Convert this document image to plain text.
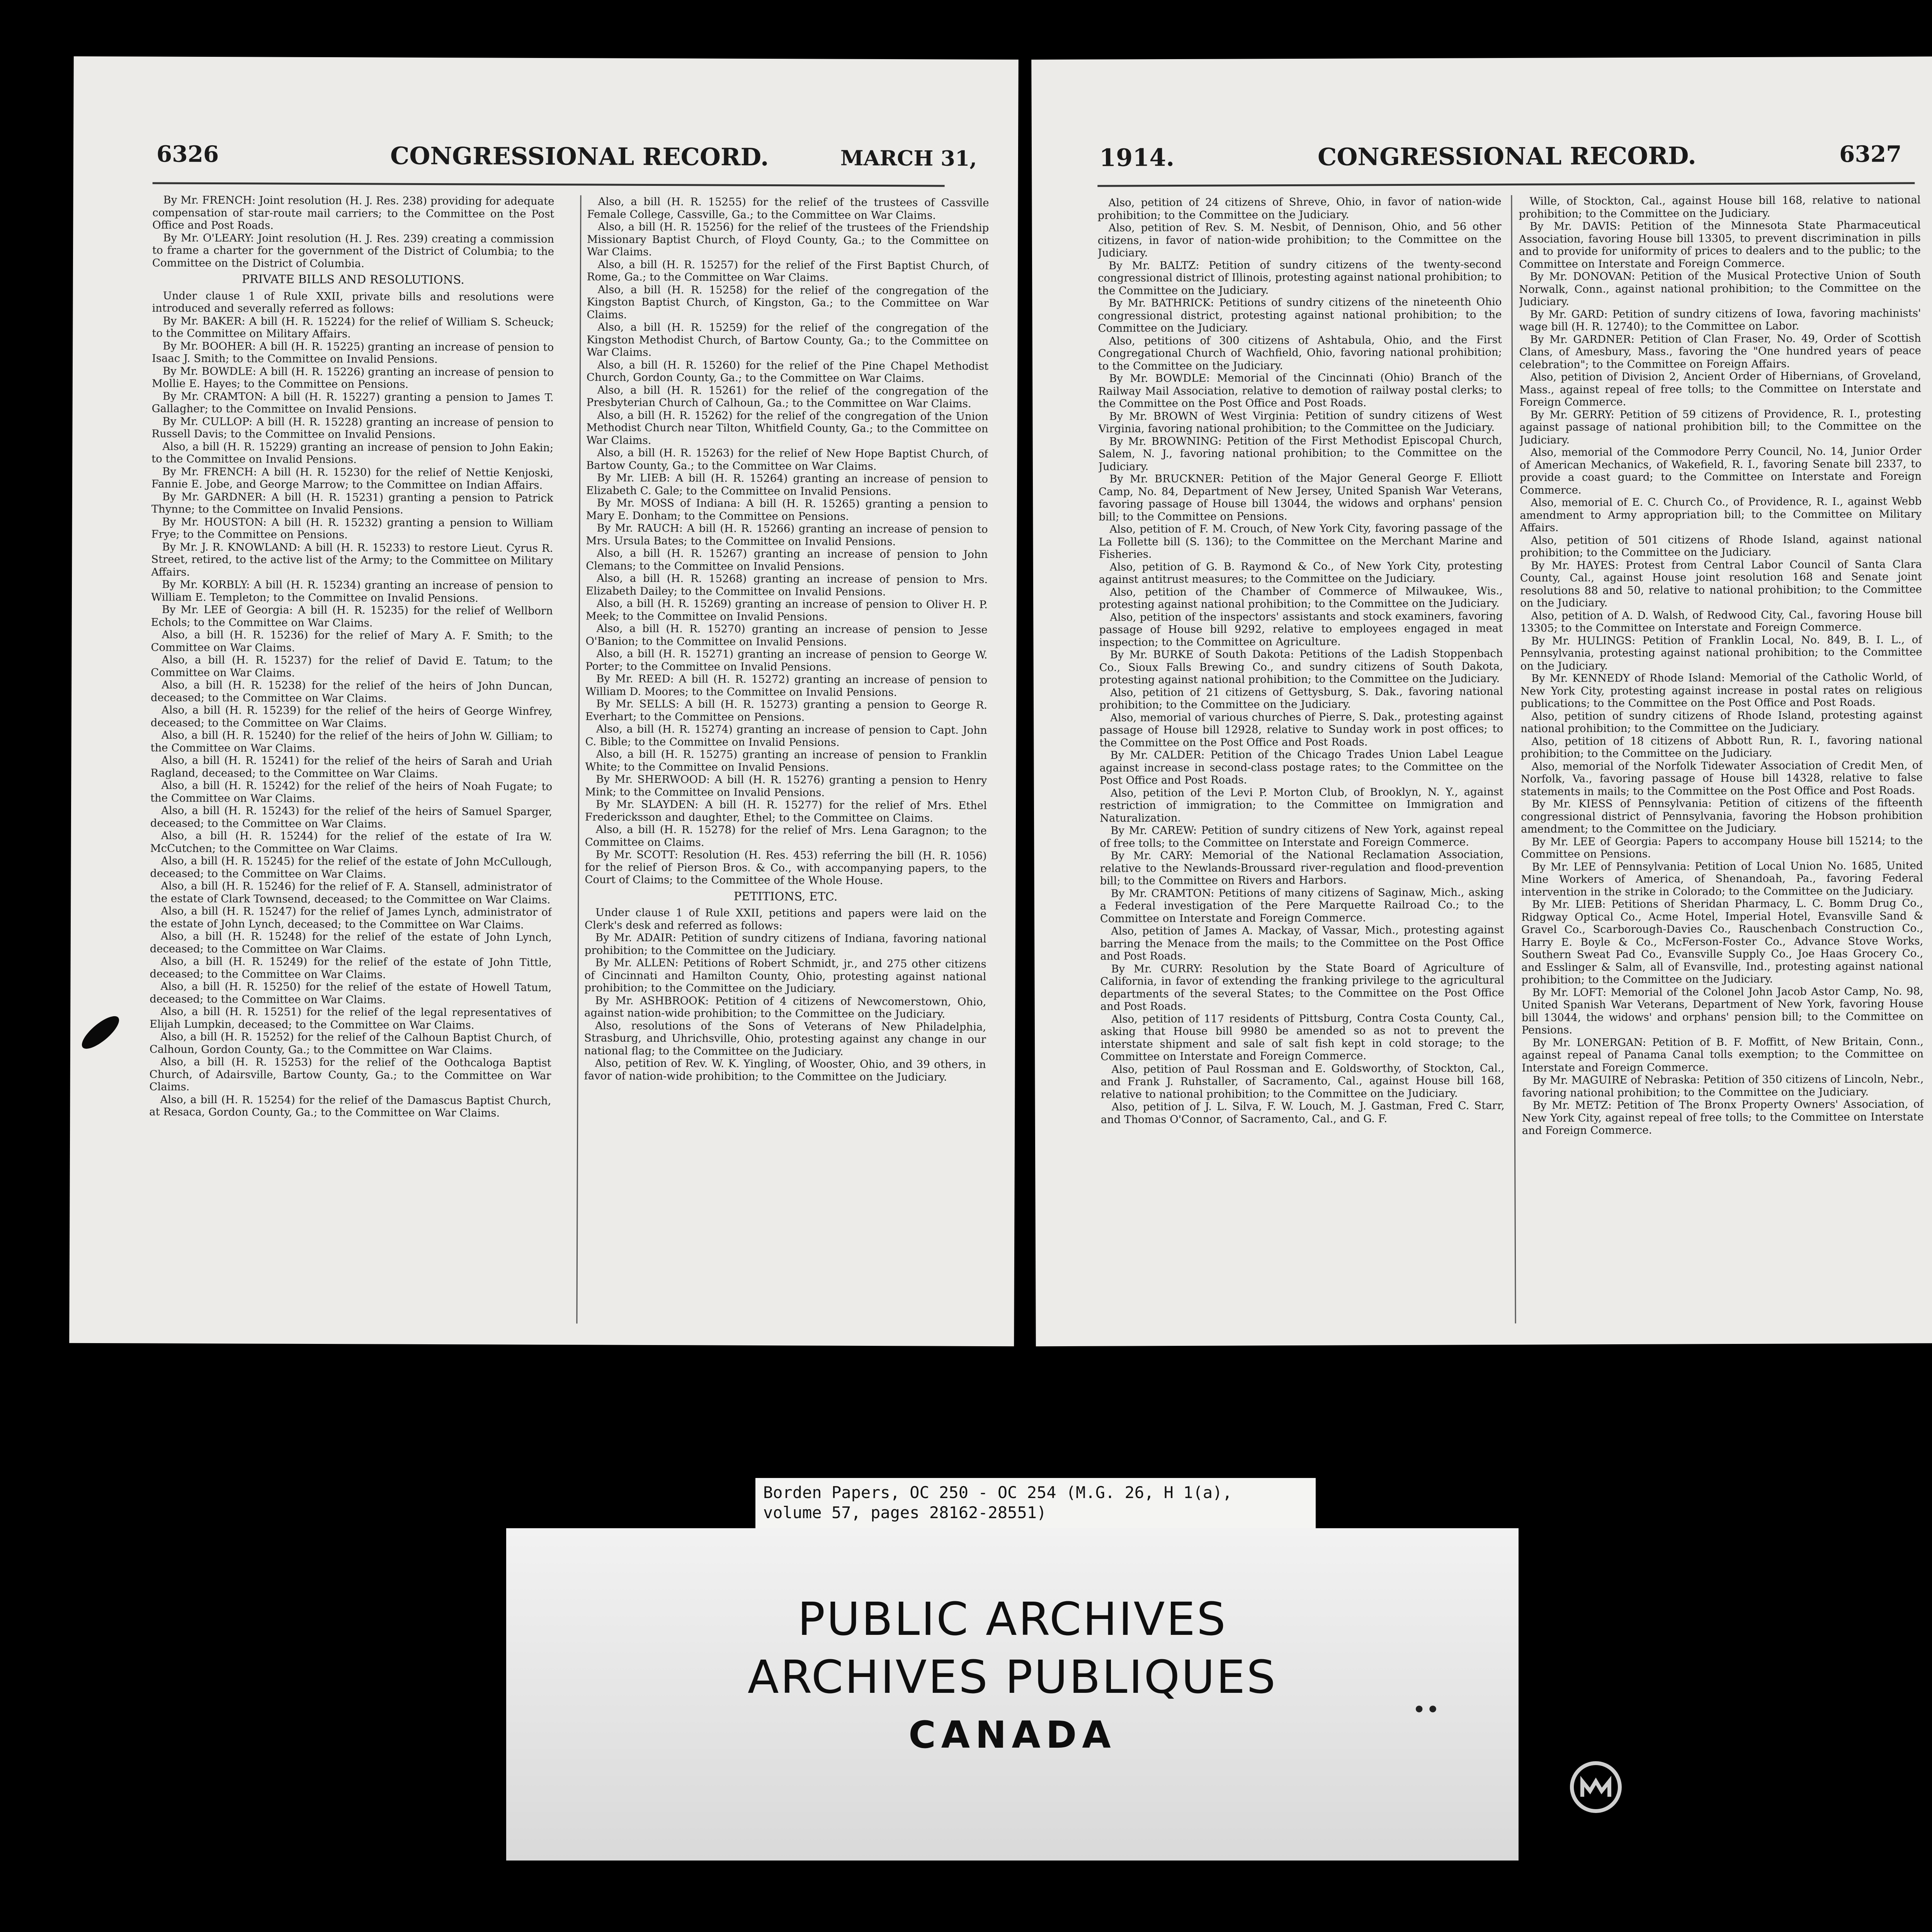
6326	CONGRESSIONAL RECORD.	MARCH 31,

By Mr. FRENCH: Joint resolution (H. J. Res. 238) providing for adequate compensation of star-route mail carriers; to the Committee on the Post Office and Post Roads.

By Mr. O'LEARY: Joint resolution (H. J. Res. 239) creating a commission to frame a charter for the government of the District of Columbia; to the Committee on the District of Columbia.

PRIVATE BILLS AND RESOLUTIONS.

Under clause 1 of Rule XXII, private bills and resolutions were introduced and severally referred as follows:

By Mr. BAKER: A bill (H. R. 15224) for the relief of William S. Scheuck; to the Committee on Military Affairs.

By Mr. BOOHER: A bill (H. R. 15225) granting an increase of pension to Isaac J. Smith; to the Committee on Invalid Pensions.

By Mr. BOWDLE: A bill (H. R. 15226) granting an increase of pension to Mollie E. Hayes; to the Committee on Pensions.

By Mr. CRAMTON: A bill (H. R. 15227) granting a pension to James T. Gallagher; to the Committee on Invalid Pensions.

By Mr. CULLOP: A bill (H. R. 15228) granting an increase of pension to Russell Davis; to the Committee on Invalid Pensions.

Also, a bill (H. R. 15229) granting an increase of pension to John Eakin; to the Committee on Invalid Pensions.

By Mr. FRENCH: A bill (H. R. 15230) for the relief of Nettie Kenjoski, Fannie E. Jobe, and George Marrow; to the Committee on Indian Affairs.

By Mr. GARDNER: A bill (H. R. 15231) granting a pension to Patrick Thynne; to the Committee on Invalid Pensions.

By Mr. HOUSTON: A bill (H. R. 15232) granting a pension to William Frye; to the Committee on Pensions.

By Mr. J. R. KNOWLAND: A bill (H. R. 15233) to restore Lieut. Cyrus R. Street, retired, to the active list of the Army; to the Committee on Military Affairs.

By Mr. KORBLY: A bill (H. R. 15234) granting an increase of pension to William E. Templeton; to the Committee on Invalid Pensions.

By Mr. LEE of Georgia: A bill (H. R. 15235) for the relief of Wellborn Echols; to the Committee on War Claims.

Also, a bill (H. R. 15236) for the relief of Mary A. F. Smith; to the Committee on War Claims.

Also, a bill (H. R. 15237) for the relief of David E. Tatum; to the Committee on War Claims.

Also, a bill (H. R. 15238) for the relief of the heirs of John Duncan, deceased; to the Committee on War Claims.

Also, a bill (H. R. 15239) for the relief of the heirs of George Winfrey, deceased; to the Committee on War Claims.

Also, a bill (H. R. 15240) for the relief of the heirs of John W. Gilliam; to the Committee on War Claims.

Also, a bill (H. R. 15241) for the relief of the heirs of Sarah and Uriah Ragland, deceased; to the Committee on War Claims.

Also, a bill (H. R. 15242) for the relief of the heirs of Noah Fugate; to the Committee on War Claims.

Also, a bill (H. R. 15243) for the relief of the heirs of Samuel Sparger, deceased; to the Committee on War Claims.

Also, a bill (H. R. 15244) for the relief of the estate of Ira W. McCutchen; to the Committee on War Claims.

Also, a bill (H. R. 15245) for the relief of the estate of John McCullough, deceased; to the Committee on War Claims.

Also, a bill (H. R. 15246) for the relief of F. A. Stansell, administrator of the estate of Clark Townsend, deceased; to the Committee on War Claims.

Also, a bill (H. R. 15247) for the relief of James Lynch, administrator of the estate of John Lynch, deceased; to the Committee on War Claims.

Also, a bill (H. R. 15248) for the relief of the estate of John Lynch, deceased; to the Committee on War Claims.

Also, a bill (H. R. 15249) for the relief of the estate of John Tittle, deceased; to the Committee on War Claims.

Also, a bill (H. R. 15250) for the relief of the estate of Howell Tatum, deceased; to the Committee on War Claims.

Also, a bill (H. R. 15251) for the relief of the legal representatives of Elijah Lumpkin, deceased; to the Committee on War Claims.

Also, a bill (H. R. 15252) for the relief of the Calhoun Baptist Church, of Calhoun, Gordon County, Ga.; to the Committee on War Claims.

Also, a bill (H. R. 15253) for the relief of the Oothcaloga Baptist Church, of Adairsville, Bartow County, Ga.; to the Committee on War Claims.

Also, a bill (H. R. 15254) for the relief of the Damascus Baptist Church, at Resaca, Gordon County, Ga.; to the Committee on War Claims.

Also, a bill (H. R. 15255) for the relief of the trustees of Cassville Female College, Cassville, Ga.; to the Committee on War Claims.

Also, a bill (H. R. 15256) for the relief of the trustees of the Friendship Missionary Baptist Church, of Floyd County, Ga.; to the Committee on War Claims.

Also, a bill (H. R. 15257) for the relief of the First Baptist Church, of Rome, Ga.; to the Committee on War Claims.

Also, a bill (H. R. 15258) for the relief of the congregation of the Kingston Baptist Church, of Kingston, Ga.; to the Committee on War Claims.

Also, a bill (H. R. 15259) for the relief of the congregation of the Kingston Methodist Church, of Bartow County, Ga.; to the Committee on War Claims.

Also, a bill (H. R. 15260) for the relief of the Pine Chapel Methodist Church, Gordon County, Ga.; to the Committee on War Claims.

Also, a bill (H. R. 15261) for the relief of the congregation of the Presbyterian Church of Calhoun, Ga.; to the Committee on War Claims.

Also, a bill (H. R. 15262) for the relief of the congregation of the Union Methodist Church near Tilton, Whitfield County, Ga.; to the Committee on War Claims.

Also, a bill (H. R. 15263) for the relief of New Hope Baptist Church, of Bartow County, Ga.; to the Committee on War Claims.

By Mr. LIEB: A bill (H. R. 15264) granting an increase of pension to Elizabeth C. Gale; to the Committee on Invalid Pensions.

By Mr. MOSS of Indiana: A bill (H. R. 15265) granting a pension to Mary E. Donham; to the Committee on Pensions.

By Mr. RAUCH: A bill (H. R. 15266) granting an increase of pension to Mrs. Ursula Bates; to the Committee on Invalid Pensions.

Also, a bill (H. R. 15267) granting an increase of pension to John Clemans; to the Committee on Invalid Pensions.

Also, a bill (H. R. 15268) granting an increase of pension to Mrs. Elizabeth Dailey; to the Committee on Invalid Pensions.

Also, a bill (H. R. 15269) granting an increase of pension to Oliver H. P. Meek; to the Committee on Invalid Pensions.

Also, a bill (H. R. 15270) granting an increase of pension to Jesse O'Banion; to the Committee on Invalid Pensions.

Also, a bill (H. R. 15271) granting an increase of pension to George W. Porter; to the Committee on Invalid Pensions.

By Mr. REED: A bill (H. R. 15272) granting an increase of pension to William D. Moores; to the Committee on Invalid Pensions.

By Mr. SELLS: A bill (H. R. 15273) granting a pension to George R. Everhart; to the Committee on Pensions.

Also, a bill (H. R. 15274) granting an increase of pension to Capt. John C. Bible; to the Committee on Invalid Pensions.

Also, a bill (H. R. 15275) granting an increase of pension to Franklin White; to the Committee on Invalid Pensions.

By Mr. SHERWOOD: A bill (H. R. 15276) granting a pension to Henry Mink; to the Committee on Invalid Pensions.

By Mr. SLAYDEN: A bill (H. R. 15277) for the relief of Mrs. Ethel Fredericksson and daughter, Ethel; to the Committee on Claims.

Also, a bill (H. R. 15278) for the relief of Mrs. Lena Garagnon; to the Committee on Claims.

By Mr. SCOTT: Resolution (H. Res. 453) referring the bill (H. R. 1056) for the relief of Pierson Bros. & Co., with accompanying papers, to the Court of Claims; to the Committee of the Whole House.

PETITIONS, ETC.

Under clause 1 of Rule XXII, petitions and papers were laid on the Clerk's desk and referred as follows:

By Mr. ADAIR: Petition of sundry citizens of Indiana, favoring national prohibition; to the Committee on the Judiciary.

By Mr. ALLEN: Petitions of Robert Schmidt, jr., and 275 other citizens of Cincinnati and Hamilton County, Ohio, protesting against national prohibition; to the Committee on the Judiciary.

By Mr. ASHBROOK: Petition of 4 citizens of Newcomerstown, Ohio, against nation-wide prohibition; to the Committee on the Judiciary.

Also, resolutions of the Sons of Veterans of New Philadelphia, Strasburg, and Uhrichsville, Ohio, protesting against any change in our national flag; to the Committee on the Judiciary.

Also, petition of Rev. W. K. Yingling, of Wooster, Ohio, and 39 others, in favor of nation-wide prohibition; to the Committee on the Judiciary.

1914.	CONGRESSIONAL RECORD.	6327

Also, petition of 24 citizens of Shreve, Ohio, in favor of nation-wide prohibition; to the Committee on the Judiciary.

Also, petition of Rev. S. M. Nesbit, of Dennison, Ohio, and 56 other citizens, in favor of nation-wide prohibition; to the Committee on the Judiciary.

By Mr. BALTZ: Petition of sundry citizens of the twenty-second congressional district of Illinois, protesting against national prohibition; to the Committee on the Judiciary.

By Mr. BATHRICK: Petitions of sundry citizens of the nineteenth Ohio congressional district, protesting against national prohibition; to the Committee on the Judiciary.

Also, petitions of 300 citizens of Ashtabula, Ohio, and the First Congregational Church of Wachfield, Ohio, favoring national prohibition; to the Committee on the Judiciary.

By Mr. BOWDLE: Memorial of the Cincinnati (Ohio) Branch of the Railway Mail Association, relative to demotion of railway postal clerks; to the Committee on the Post Office and Post Roads.

By Mr. BROWN of West Virginia: Petition of sundry citizens of West Virginia, favoring national prohibition; to the Committee on the Judiciary.

By Mr. BROWNING: Petition of the First Methodist Episcopal Church, Salem, N. J., favoring national prohibition; to the Committee on the Judiciary.

By Mr. BRUCKNER: Petition of the Major General George F. Elliott Camp, No. 84, Department of New Jersey, United Spanish War Veterans, favoring passage of House bill 13044, the widows and orphans' pension bill; to the Committee on Pensions.

Also, petition of F. M. Crouch, of New York City, favoring passage of the La Follette bill (S. 136); to the Committee on the Merchant Marine and Fisheries.

Also, petition of G. B. Raymond & Co., of New York City, protesting against antitrust measures; to the Committee on the Judiciary.

Also, petition of the Chamber of Commerce of Milwaukee, Wis., protesting against national prohibition; to the Committee on the Judiciary.

Also, petition of the inspectors' assistants and stock examiners, favoring passage of House bill 9292, relative to employees engaged in meat inspection; to the Committee on Agriculture.

By Mr. BURKE of South Dakota: Petitions of the Ladish Stoppenbach Co., Sioux Falls Brewing Co., and sundry citizens of South Dakota, protesting against national prohibition; to the Committee on the Judiciary.

Also, petition of 21 citizens of Gettysburg, S. Dak., favoring national prohibition; to the Committee on the Judiciary.

Also, memorial of various churches of Pierre, S. Dak., protesting against passage of House bill 12928, relative to Sunday work in post offices; to the Committee on the Post Office and Post Roads.

By Mr. CALDER: Petition of the Chicago Trades Union Label League against increase in second-class postage rates; to the Committee on the Post Office and Post Roads.

Also, petition of the Levi P. Morton Club, of Brooklyn, N. Y., against restriction of immigration; to the Committee on Immigration and Naturalization.

By Mr. CAREW: Petition of sundry citizens of New York, against repeal of free tolls; to the Committee on Interstate and Foreign Commerce.

By Mr. CARY: Memorial of the National Reclamation Association, relative to the Newlands-Broussard river-regulation and flood-prevention bill; to the Committee on Rivers and Harbors.

By Mr. CRAMTON: Petitions of many citizens of Saginaw, Mich., asking a Federal investigation of the Pere Marquette Railroad Co.; to the Committee on Interstate and Foreign Commerce.

Also, petition of James A. Mackay, of Vassar, Mich., protesting against barring the Menace from the mails; to the Committee on the Post Office and Post Roads.

By Mr. CURRY: Resolution by the State Board of Agriculture of California, in favor of extending the franking privilege to the agricultural departments of the several States; to the Committee on the Post Office and Post Roads.

Also, petition of 117 residents of Pittsburg, Contra Costa County, Cal., asking that House bill 9980 be amended so as not to prevent the interstate shipment and sale of salt fish kept in cold storage; to the Committee on Interstate and Foreign Commerce.

Also, petition of Paul Rossman and E. Goldsworthy, of Stockton, Cal., and Frank J. Ruhstaller, of Sacramento, Cal., against House bill 168, relative to national prohibition; to the Committee on the Judiciary.

Also, petition of J. L. Silva, F. W. Louch, M. J. Gastman, Fred C. Starr, and Thomas O'Connor, of Sacramento, Cal., and G. F.

Wille, of Stockton, Cal., against House bill 168, relative to national prohibition; to the Committee on the Judiciary.

By Mr. DAVIS: Petition of the Minnesota State Pharmaceutical Association, favoring House bill 13305, to prevent discrimination in pills and to provide for uniformity of prices to dealers and to the public; to the Committee on Interstate and Foreign Commerce.

By Mr. DONOVAN: Petition of the Musical Protective Union of South Norwalk, Conn., against national prohibition; to the Committee on the Judiciary.

By Mr. GARD: Petition of sundry citizens of Iowa, favoring machinists' wage bill (H. R. 12740); to the Committee on Labor.

By Mr. GARDNER: Petition of Clan Fraser, No. 49, Order of Scottish Clans, of Amesbury, Mass., favoring the "One hundred years of peace celebration"; to the Committee on Foreign Affairs.

Also, petition of Division 2, Ancient Order of Hibernians, of Groveland, Mass., against repeal of free tolls; to the Committee on Interstate and Foreign Commerce.

By Mr. GERRY: Petition of 59 citizens of Providence, R. I., protesting against passage of national prohibition bill; to the Committee on the Judiciary.

Also, memorial of the Commodore Perry Council, No. 14, Junior Order of American Mechanics, of Wakefield, R. I., favoring Senate bill 2337, to provide a coast guard; to the Committee on Interstate and Foreign Commerce.

Also, memorial of E. C. Church Co., of Providence, R. I., against Webb amendment to Army appropriation bill; to the Committee on Military Affairs.

Also, petition of 501 citizens of Rhode Island, against national prohibition; to the Committee on the Judiciary.

By Mr. HAYES: Protest from Central Labor Council of Santa Clara County, Cal., against House joint resolution 168 and Senate joint resolutions 88 and 50, relative to national prohibition; to the Committee on the Judiciary.

Also, petition of A. D. Walsh, of Redwood City, Cal., favoring House bill 13305; to the Committee on Interstate and Foreign Commerce.

By Mr. HULINGS: Petition of Franklin Local, No. 849, B. I. L., of Pennsylvania, protesting against national prohibition; to the Committee on the Judiciary.

By Mr. KENNEDY of Rhode Island: Memorial of the Catholic World, of New York City, protesting against increase in postal rates on religious publications; to the Committee on the Post Office and Post Roads.

Also, petition of sundry citizens of Rhode Island, protesting against national prohibition; to the Committee on the Judiciary.

Also, petition of 18 citizens of Abbott Run, R. I., favoring national prohibition; to the Committee on the Judiciary.

Also, memorial of the Norfolk Tidewater Association of Credit Men, of Norfolk, Va., favoring passage of House bill 14328, relative to false statements in mails; to the Committee on the Post Office and Post Roads.

By Mr. KIESS of Pennsylvania: Petition of citizens of the fifteenth congressional district of Pennsylvania, favoring the Hobson prohibition amendment; to the Committee on the Judiciary.

By Mr. LEE of Georgia: Papers to accompany House bill 15214; to the Committee on Pensions.

By Mr. LEE of Pennsylvania: Petition of Local Union No. 1685, United Mine Workers of America, of Shenandoah, Pa., favoring Federal intervention in the strike in Colorado; to the Committee on the Judiciary.

By Mr. LIEB: Petitions of Sheridan Pharmacy, L. C. Bomm Drug Co., Ridgway Optical Co., Acme Hotel, Imperial Hotel, Evansville Sand & Gravel Co., Scarborough-Davies Co., Rauschenbach Construction Co., Harry E. Boyle & Co., McFerson-Foster Co., Advance Stove Works, Southern Sweat Pad Co., Evansville Supply Co., Joe Haas Grocery Co., and Esslinger & Salm, all of Evansville, Ind., protesting against national prohibition; to the Committee on the Judiciary.

By Mr. LOFT: Memorial of the Colonel John Jacob Astor Camp, No. 98, United Spanish War Veterans, Department of New York, favoring House bill 13044, the widows' and orphans' pension bill; to the Committee on Pensions.

By Mr. LONERGAN: Petition of B. F. Moffitt, of New Britain, Conn., against repeal of Panama Canal tolls exemption; to the Committee on Interstate and Foreign Commerce.

By Mr. MAGUIRE of Nebraska: Petition of 350 citizens of Lincoln, Nebr., favoring national prohibition; to the Committee on the Judiciary.

By Mr. METZ: Petition of The Bronx Property Owners' Association, of New York City, against repeal of free tolls; to the Committee on Interstate and Foreign Commerce.

Borden Papers, OC 250 - OC 254 (M.G. 26, H 1(a),
volume 57, pages 28162-28551)
PUBLIC ARCHIVES
ARCHIVES PUBLIQUES
CANADA
••
